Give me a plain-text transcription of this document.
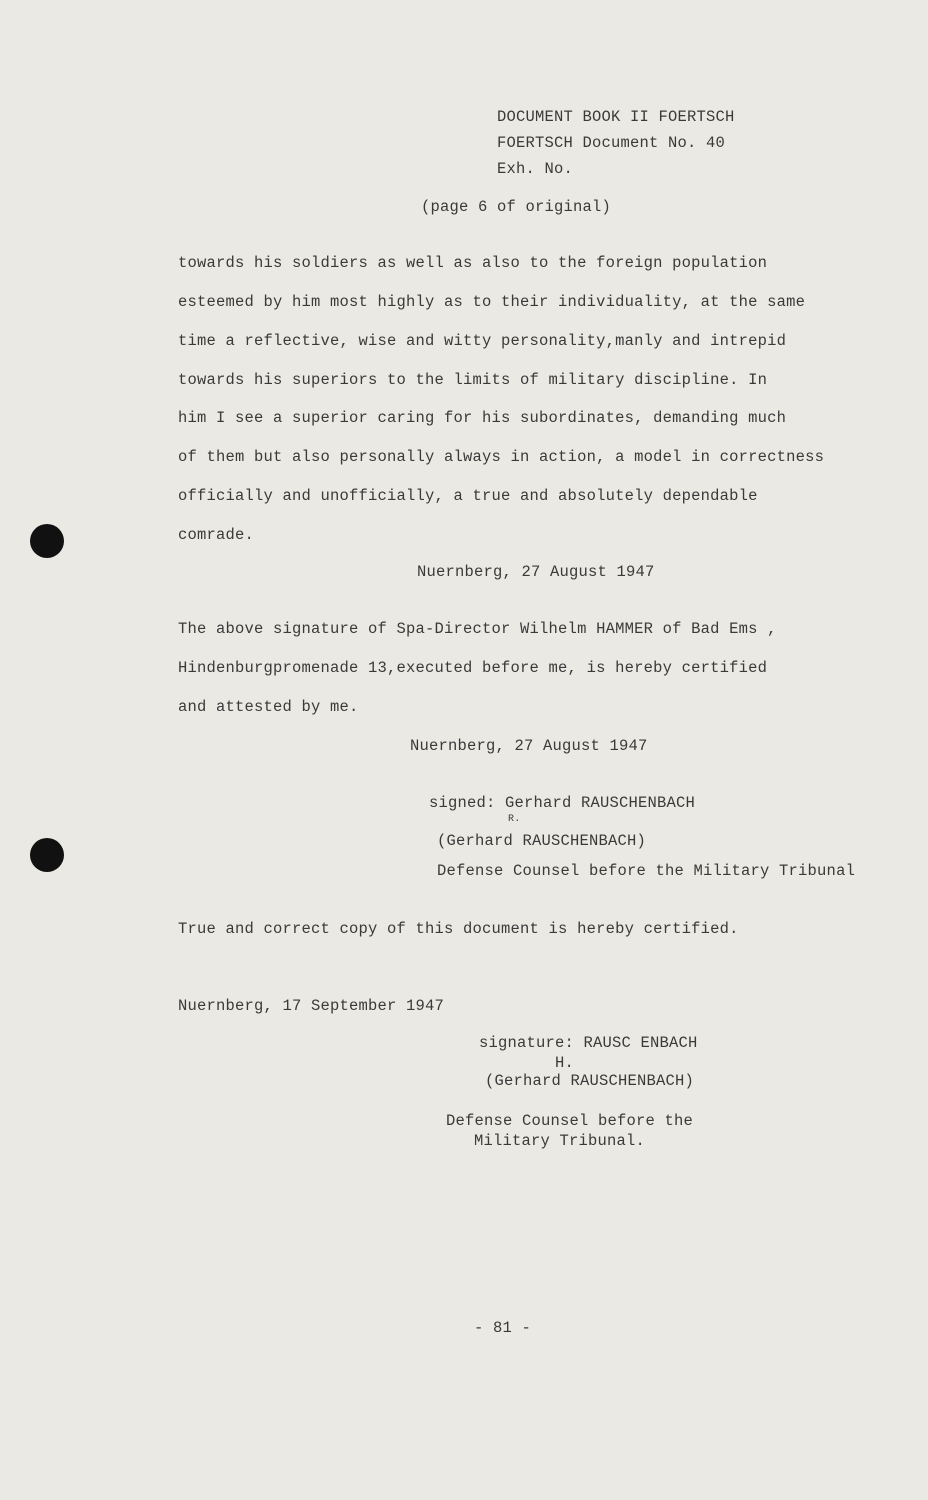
DOCUMENT BOOK II FOERTSCH
FOERTSCH Document No. 40
Exh. No.
(page 6 of original)
towards his soldiers as well as also to the foreign population
esteemed by him most highly as to their individuality, at the same
time a reflective, wise and witty personality,manly and intrepid
towards his superiors to the limits of military discipline. In
him I see a superior caring for his subordinates, demanding much
of them but also personally always in action, a model in correctness
officially and unofficially, a true and absolutely dependable
comrade.
Nuernberg, 27 August 1947
The above signature of Spa-Director Wilhelm HAMMER of Bad Ems ,
Hindenburgpromenade 13,executed before me, is hereby certified
and attested by me.
Nuernberg, 27 August 1947
signed: Gerhard RAUSCHENBACH
R.
(Gerhard RAUSCHENBACH)
Defense Counsel before the Military Tribunal
True and correct copy of this document is hereby certified.
Nuernberg, 17 September 1947
signature: RAUSC ENBACH
H.
(Gerhard RAUSCHENBACH)
Defense Counsel before the
Military Tribunal.
- 81 -
